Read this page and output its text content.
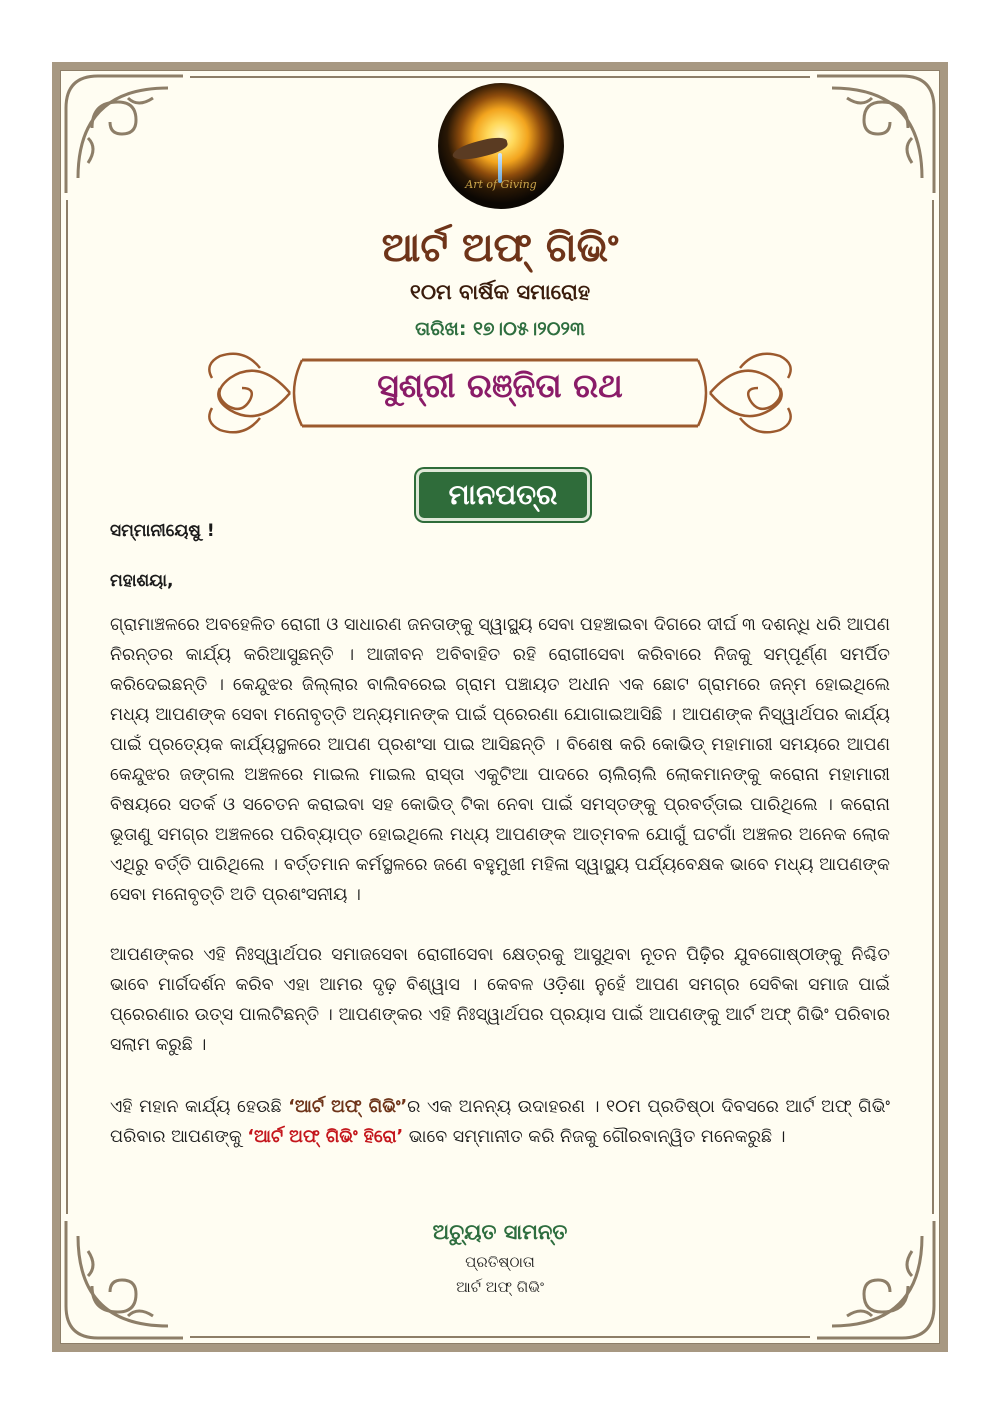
Art of Giving
ଆର୍ଟ ଅଫ୍ ଗିଭିଂ
୧୦ମ ବାର୍ଷିକ ସମାରୋହ
ତାରିଖ: ୧୭।୦୫।୨୦୨୩
ସୁଶ୍ରୀ ରଞ୍ଜିତା ରଥ
ମାନପତ୍ର
ସମ୍ମାନୀୟେଷୁ !
ମହାଶୟା,
ଗ୍ରାମାଞ୍ଚଳରେ ଅବହେଳିତ ରୋଗୀ ଓ ସାଧାରଣ ଜନତାଙ୍କୁ ସ୍ୱାସ୍ଥ୍ୟ ସେବା ପହଞ୍ଚାଇବା ଦିଗରେ ଦୀର୍ଘ ୩ ଦଶନ୍ଧି ଧରି ଆପଣ ନିରନ୍ତର କାର୍ଯ୍ୟ କରିଆସୁଛନ୍ତି । ଆଜୀବନ ଅବିବାହିତ ରହି ରୋଗୀସେବା କରିବାରେ ନିଜକୁ ସମ୍ପୂର୍ଣ୍ଣ ସମର୍ପିତ କରିଦେଇଛନ୍ତି । କେନ୍ଦୁଝର ଜିଲ୍ଲାର ବାଲିବରେଇ ଗ୍ରାମ ପଞ୍ଚାୟତ ଅଧୀନ ଏକ ଛୋଟ ଗ୍ରାମରେ ଜନ୍ମ ହୋଇଥିଲେ ମଧ୍ୟ ଆପଣଙ୍କ ସେବା ମନୋବୃତ୍ତି ଅନ୍ୟମାନଙ୍କ ପାଇଁ ପ୍ରେରଣା ଯୋଗାଇଆସିଛି । ଆପଣଙ୍କ ନିସ୍ୱାର୍ଥପର କାର୍ଯ୍ୟ ପାଇଁ ପ୍ରତ୍ୟେକ କାର୍ଯ୍ୟସ୍ଥଳରେ ଆପଣ ପ୍ରଶଂସା ପାଇ ଆସିଛନ୍ତି । ବିଶେଷ କରି କୋଭିଡ୍ ମହାମାରୀ ସମୟରେ ଆପଣ କେନ୍ଦୁଝର ଜଙ୍ଗଲ ଅଞ୍ଚଳରେ ମାଇଲ ମାଇଲ ରାସ୍ତା ଏକୁଟିଆ ପାଦରେ ଚାଲିଚାଲି ଲୋକମାନଙ୍କୁ କରୋନା ମହାମାରୀ ବିଷୟରେ ସତର୍କ ଓ ସଚେତନ କରାଇବା ସହ କୋଭିଡ୍ ଟିକା ନେବା ପାଇଁ ସମସ୍ତଙ୍କୁ ପ୍ରବର୍ତ୍ତାଇ ପାରିଥିଲେ । କରୋନା ଭୂତାଣୁ ସମଗ୍ର ଅଞ୍ଚଳରେ ପରିବ୍ୟାପ୍ତ ହୋଇଥିଲେ ମଧ୍ୟ ଆପଣଙ୍କ ଆତ୍ମବଳ ଯୋଗୁଁ ଘଟଗାଁ ଅଞ୍ଚଳର ଅନେକ ଲୋକ ଏଥିରୁ ବର୍ତ୍ତି ପାରିଥିଲେ । ବର୍ତ୍ତମାନ କର୍ମସ୍ଥଳରେ ଜଣେ ବହୁମୁଖୀ ମହିଳା ସ୍ୱାସ୍ଥ୍ୟ ପର୍ଯ୍ୟବେକ୍ଷକ ଭାବେ ମଧ୍ୟ ଆପଣଙ୍କ ସେବା ମନୋବୃତ୍ତି ଅତି ପ୍ରଶଂସନୀୟ ।
ଆପଣଙ୍କର ଏହି ନିଃସ୍ୱାର୍ଥପର ସମାଜସେବା ରୋଗୀସେବା କ୍ଷେତ୍ରକୁ ଆସୁଥିବା ନୂତନ ପିଢ଼ିର ଯୁବଗୋଷ୍ଠୀଙ୍କୁ ନିଶ୍ଚିତ ଭାବେ ମାର୍ଗଦର୍ଶନ କରିବ ଏହା ଆମର ଦୃଢ଼ ବିଶ୍ୱାସ । କେବଳ ଓଡ଼ିଶା ନୁହେଁ ଆପଣ ସମଗ୍ର ସେବିକା ସମାଜ ପାଇଁ ପ୍ରେରଣାର ଉତ୍ସ ପାଲଟିଛନ୍ତି । ଆପଣଙ୍କର ଏହି ନିଃସ୍ୱାର୍ଥପର ପ୍ରୟାସ ପାଇଁ ଆପଣଙ୍କୁ ଆର୍ଟ ଅଫ୍ ଗିଭିଂ ପରିବାର ସଲାମ କରୁଛି ।
ଏହି ମହାନ କାର୍ଯ୍ୟ ହେଉଛି ‘ଆର୍ଟ ଅଫ୍ ଗିଭିଂ’ର ଏକ ଅନନ୍ୟ ଉଦାହରଣ । ୧୦ମ ପ୍ରତିଷ୍ଠା ଦିବସରେ ଆର୍ଟ ଅଫ୍ ଗିଭିଂ ପରିବାର ଆପଣଙ୍କୁ ‘ଆର୍ଟ ଅଫ୍ ଗିଭିଂ ହିରୋ’ ଭାବେ ସମ୍ମାନୀତ କରି ନିଜକୁ ଗୌରବାନ୍ୱିତ ମନେକରୁଛି ।
ଅଚ୍ୟୁତ ସାମନ୍ତ
ପ୍ରତିଷ୍ଠାତା
ଆର୍ଟ ଅଫ୍ ଗିଭିଂ
